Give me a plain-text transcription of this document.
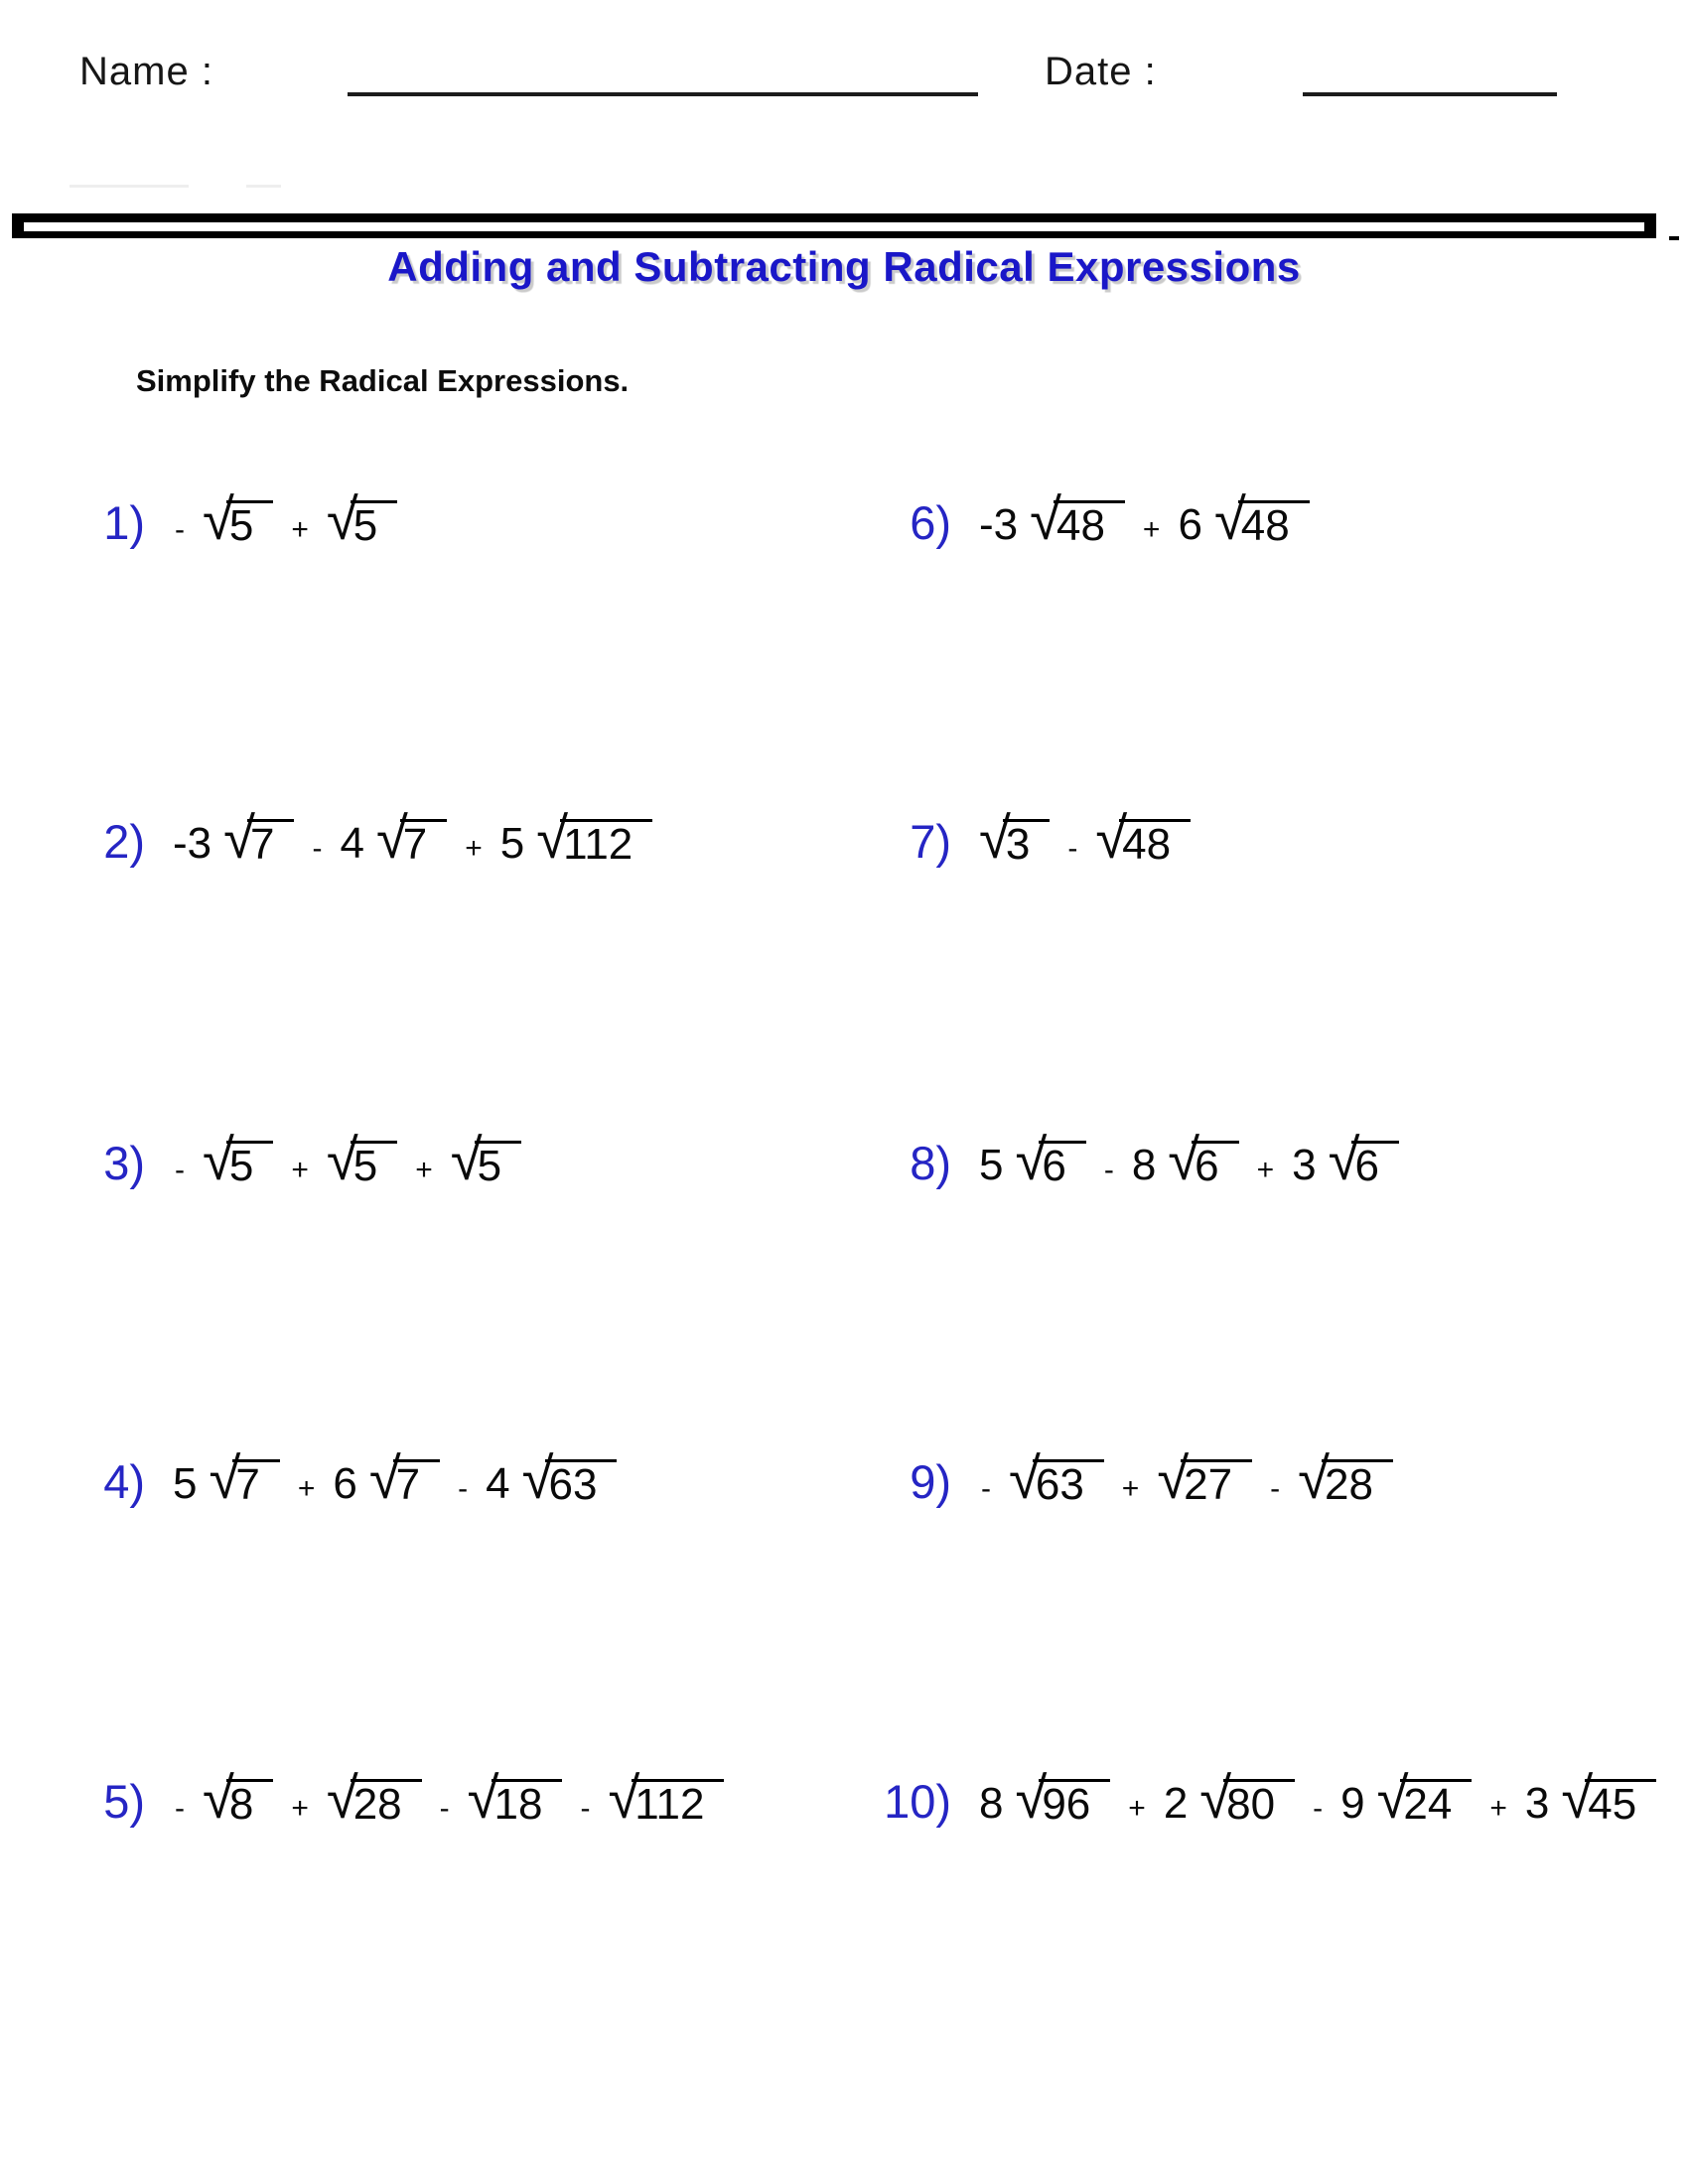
Name :	Date :
Adding and Subtracting Radical Expressions
Simplify the Radical Expressions.
1) - √
5	+ √
5
2) -3 √
7	- 4 √
7	+ 5 √
112
3) - √
5	+ √
5	+ √
5
4) 5 √
7	+ 6 √
7	- 4 √
63
5) - √
8	+ √
28	- √
18	- √
112
6) -3 √
48	+ 6 √
48
7) √
3	- √
48
8) 5 √
6	- 8 √
6	+ 3 √
6
9) - √
63	+ √
27	- √
28
10) 8 √
96	+ 2 √
80	- 9 √
24	+ 3 √
45
